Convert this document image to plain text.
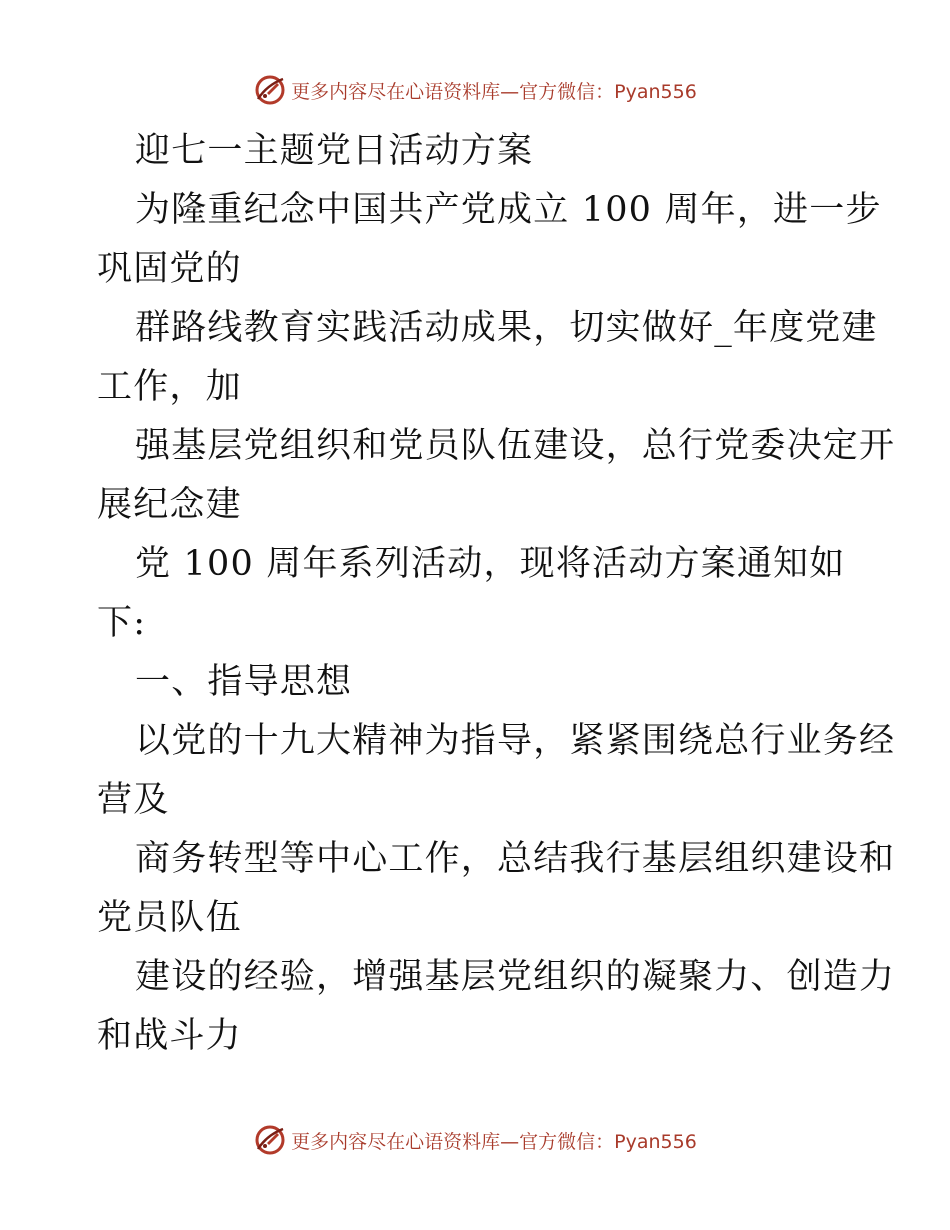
更多内容尽在心语资料库—官方微信：Pyan556

迎七一主题党日活动方案

为隆重纪念中国共产党成立 100 周年，进一步

巩固党的

群路线教育实践活动成果，切实做好_年度党建

工作，加

强基层党组织和党员队伍建设，总行党委决定开

展纪念建

党 100 周年系列活动，现将活动方案通知如

下:

一、指导思想

以党的十九大精神为指导，紧紧围绕总行业务经

营及

商务转型等中心工作，总结我行基层组织建设和

党员队伍

建设的经验，增强基层党组织的凝聚力、创造力

和战斗力

更多内容尽在心语资料库—官方微信：Pyan556
